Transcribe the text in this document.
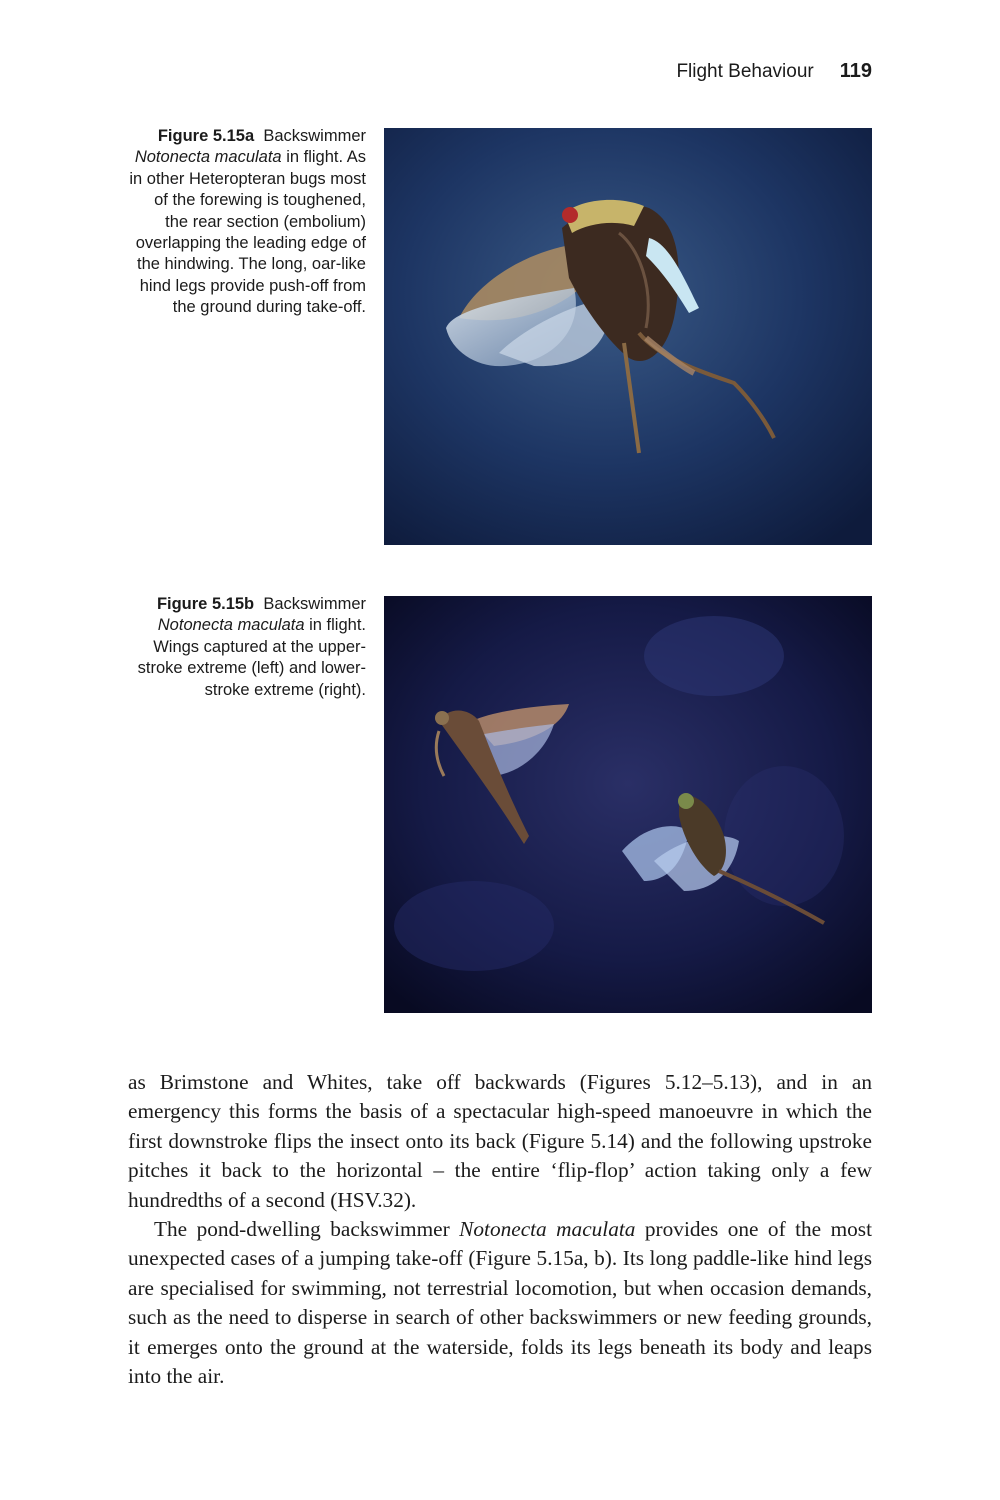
Flight Behaviour 119
Figure 5.15a Backswimmer Notonecta maculata in flight. As in other Heteropteran bugs most of the forewing is toughened, the rear section (embolium) overlapping the leading edge of the hindwing. The long, oar-like hind legs provide push-off from the ground during take-off.
Figure 5.15b Backswimmer Notonecta maculata in flight. Wings captured at the upper-stroke extreme (left) and lower-stroke extreme (right).

as Brimstone and Whites, take off backwards (Figures 5.12–5.13), and in an emergency this forms the basis of a spectacular high-speed manoeuvre in which the first downstroke flips the insect onto its back (Figure 5.14) and the following upstroke pitches it back to the horizontal – the entire ‘flip-flop’ action taking only a few hundredths of a second (HSV.32).

The pond-dwelling backswimmer Notonecta maculata provides one of the most unexpected cases of a jumping take-off (Figure 5.15a, b). Its long paddle-like hind legs are specialised for swimming, not terrestrial locomotion, but when occasion demands, such as the need to disperse in search of other backswimmers or new feeding grounds, it emerges onto the ground at the waterside, folds its legs beneath its body and leaps into the air.
